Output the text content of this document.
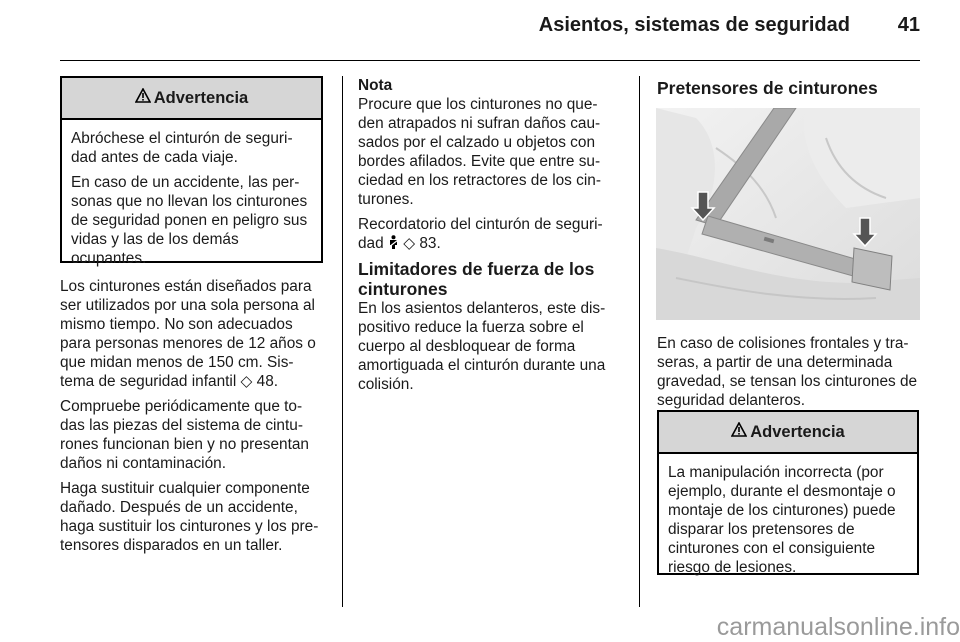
Asientos, sistemas de seguridad	41
Advertencia

Abróchese el cinturón de seguri- dad antes de cada viaje.

En caso de un accidente, las per- sonas que no llevan los cinturones de seguridad ponen en peligro sus vidas y las de los demás ocupantes.

Los cinturones están diseñados para ser utilizados por una sola persona al mismo tiempo. No son adecuados para personas menores de 12 años o que midan menos de 150 cm. Sis- tema de seguridad infantil ◇ 48.

Compruebe periódicamente que to- das las piezas del sistema de cintu- rones funcionan bien y no presentan daños ni contaminación.

Haga sustituir cualquier componente dañado. Después de un accidente, haga sustituir los cinturones y los pre- tensores disparados en un taller.

Nota

Procure que los cinturones no que- den atrapados ni sufran daños cau- sados por el calzado u objetos con bordes afilados. Evite que entre su- ciedad en los retractores de los cin- turones.

Recordatorio del cinturón de seguri- dad ◇ 83.

Limitadores de fuerza de los cinturones

En los asientos delanteros, este dis- positivo reduce la fuerza sobre el cuerpo al desbloquear de forma amortiguada el cinturón durante una colisión.

Pretensores de cinturones

En caso de colisiones frontales y tra- seras, a partir de una determinada gravedad, se tensan los cinturones de seguridad delanteros.

Advertencia

La manipulación incorrecta (por ejemplo, durante el desmontaje o montaje de los cinturones) puede disparar los pretensores de cinturones con el consiguiente riesgo de lesiones.

carmanualsonline.info
